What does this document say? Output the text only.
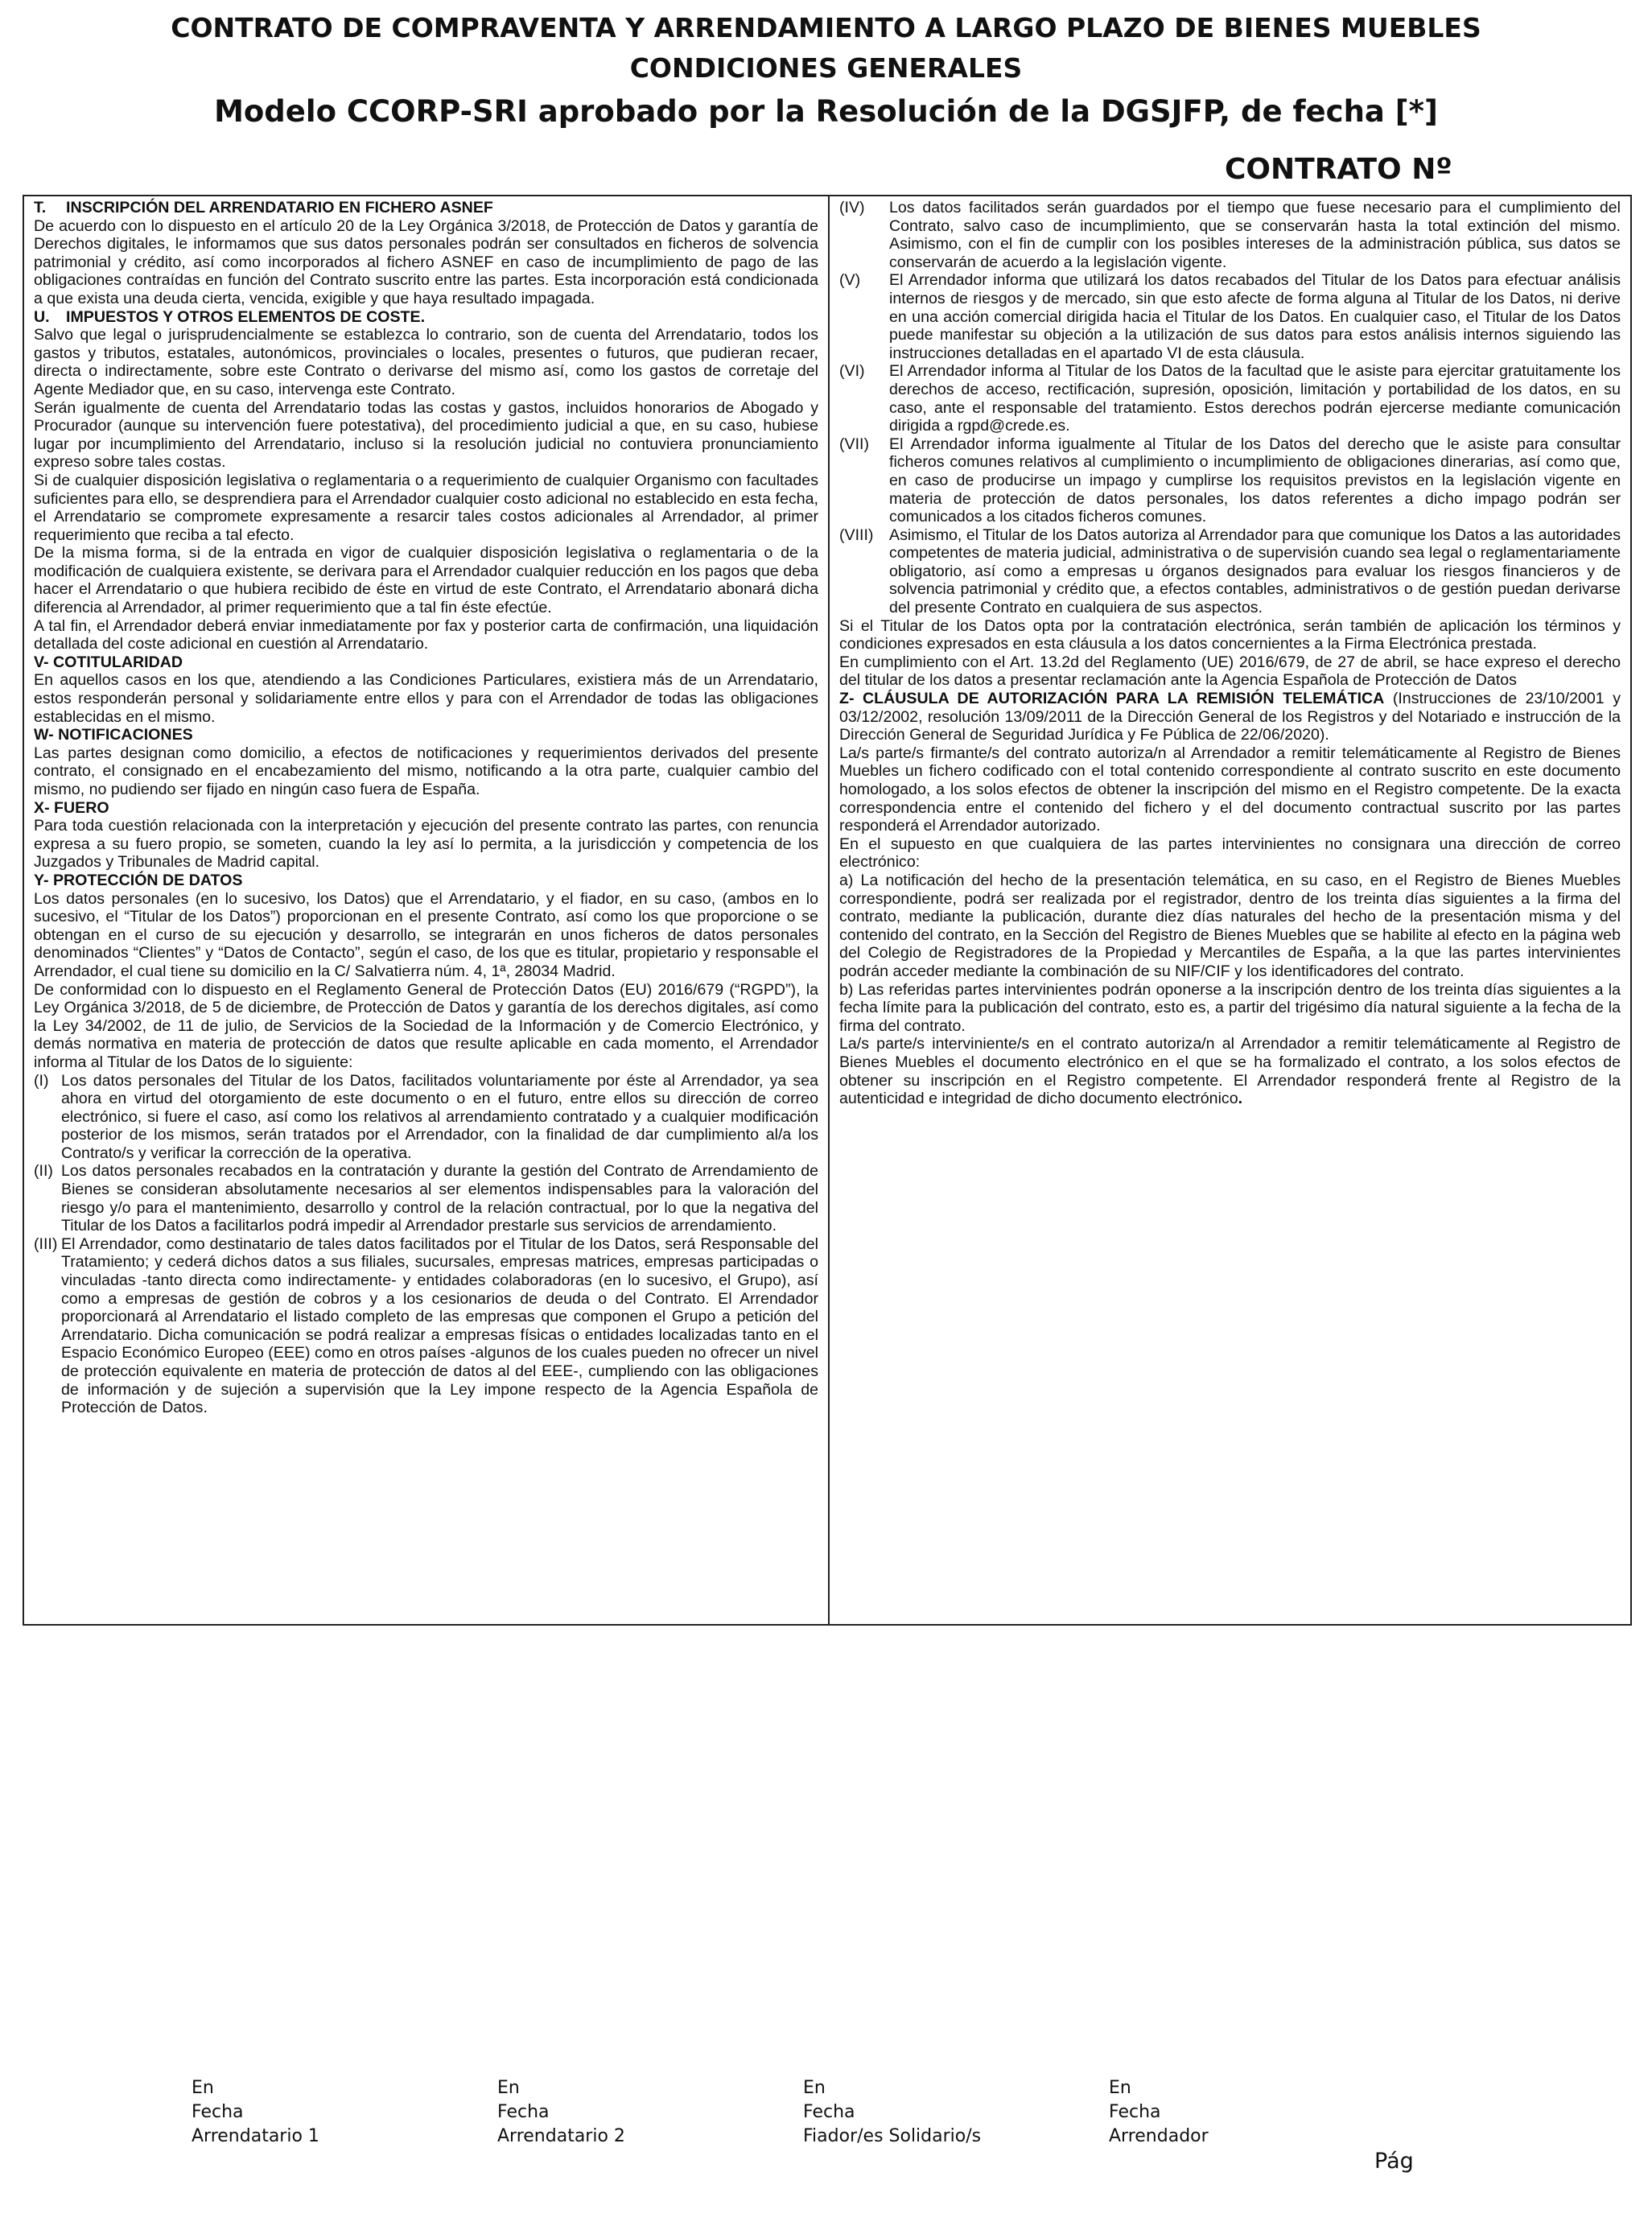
CONTRATO DE COMPRAVENTA Y ARRENDAMIENTO A LARGO PLAZO DE BIENES MUEBLES
CONDICIONES GENERALES
Modelo CCORP-SRI aprobado por la Resolución de la DGSJFP, de fecha [*]
CONTRATO Nº
T. INSCRIPCIÓN DEL ARRENDATARIO EN FICHERO ASNEF

De acuerdo con lo dispuesto en el artículo 20 de la Ley Orgánica 3/2018, de Protección de Datos y garantía de Derechos digitales, le informamos que sus datos personales podrán ser consultados en ficheros de solvencia patrimonial y crédito, así como incorporados al fichero ASNEF en caso de incumplimiento de pago de las obligaciones contraídas en función del Contrato suscrito entre las partes. Esta incorporación está condicionada a que exista una deuda cierta, vencida, exigible y que haya resultado impagada.

U. IMPUESTOS Y OTROS ELEMENTOS DE COSTE.

Salvo que legal o jurisprudencialmente se establezca lo contrario, son de cuenta del Arrendatario, todos los gastos y tributos, estatales, autonómicos, provinciales o locales, presentes o futuros, que pudieran recaer, directa o indirectamente, sobre este Contrato o derivarse del mismo así, como los gastos de corretaje del Agente Mediador que, en su caso, intervenga este Contrato.

Serán igualmente de cuenta del Arrendatario todas las costas y gastos, incluidos honorarios de Abogado y Procurador (aunque su intervención fuere potestativa), del procedimiento judicial a que, en su caso, hubiese lugar por incumplimiento del Arrendatario, incluso si la resolución judicial no contuviera pronunciamiento expreso sobre tales costas.

Si de cualquier disposición legislativa o reglamentaria o a requerimiento de cualquier Organismo con facultades suficientes para ello, se desprendiera para el Arrendador cualquier costo adicional no establecido en esta fecha, el Arrendatario se compromete expresamente a resarcir tales costos adicionales al Arrendador, al primer requerimiento que reciba a tal efecto.

De la misma forma, si de la entrada en vigor de cualquier disposición legislativa o reglamentaria o de la modificación de cualquiera existente, se derivara para el Arrendador cualquier reducción en los pagos que deba hacer el Arrendatario o que hubiera recibido de éste en virtud de este Contrato, el Arrendatario abonará dicha diferencia al Arrendador, al primer requerimiento que a tal fin éste efectúe.

A tal fin, el Arrendador deberá enviar inmediatamente por fax y posterior carta de confirmación, una liquidación detallada del coste adicional en cuestión al Arrendatario.

V- COTITULARIDAD

En aquellos casos en los que, atendiendo a las Condiciones Particulares, existiera más de un Arrendatario, estos responderán personal y solidariamente entre ellos y para con el Arrendador de todas las obligaciones establecidas en el mismo.

W- NOTIFICACIONES

Las partes designan como domicilio, a efectos de notificaciones y requerimientos derivados del presente contrato, el consignado en el encabezamiento del mismo, notificando a la otra parte, cualquier cambio del mismo, no pudiendo ser fijado en ningún caso fuera de España.

X- FUERO

Para toda cuestión relacionada con la interpretación y ejecución del presente contrato las partes, con renuncia expresa a su fuero propio, se someten, cuando la ley así lo permita, a la jurisdicción y competencia de los Juzgados y Tribunales de Madrid capital.

Y- PROTECCIÓN DE DATOS

Los datos personales (en lo sucesivo, los Datos) que el Arrendatario, y el fiador, en su caso, (ambos en lo sucesivo, el “Titular de los Datos”) proporcionan en el presente Contrato, así como los que proporcione o se obtengan en el curso de su ejecución y desarrollo, se integrarán en unos ficheros de datos personales denominados “Clientes” y “Datos de Contacto”, según el caso, de los que es titular, propietario y responsable el Arrendador, el cual tiene su domicilio en la C/ Salvatierra núm. 4, 1ª, 28034 Madrid.

De conformidad con lo dispuesto en el Reglamento General de Protección Datos (EU) 2016/679 (“RGPD”), la Ley Orgánica 3/2018, de 5 de diciembre, de Protección de Datos y garantía de los derechos digitales, así como la Ley 34/2002, de 11 de julio, de Servicios de la Sociedad de la Información y de Comercio Electrónico, y demás normativa en materia de protección de datos que resulte aplicable en cada momento, el Arrendador informa al Titular de los Datos de lo siguiente:

(I) Los datos personales del Titular de los Datos, facilitados voluntariamente por éste al Arrendador, ya sea ahora en virtud del otorgamiento de este documento o en el futuro, entre ellos su dirección de correo electrónico, si fuere el caso, así como los relativos al arrendamiento contratado y a cualquier modificación posterior de los mismos, serán tratados por el Arrendador, con la finalidad de dar cumplimiento al/a los Contrato/s y verificar la corrección de la operativa.
(II) Los datos personales recabados en la contratación y durante la gestión del Contrato de Arrendamiento de Bienes se consideran absolutamente necesarios al ser elementos indispensables para la valoración del riesgo y/o para el mantenimiento, desarrollo y control de la relación contractual, por lo que la negativa del Titular de los Datos a facilitarlos podrá impedir al Arrendador prestarle sus servicios de arrendamiento.
(III) El Arrendador, como destinatario de tales datos facilitados por el Titular de los Datos, será Responsable del Tratamiento; y cederá dichos datos a sus filiales, sucursales, empresas matrices, empresas participadas o vinculadas -tanto directa como indirectamente- y entidades colaboradoras (en lo sucesivo, el Grupo), así como a empresas de gestión de cobros y a los cesionarios de deuda o del Contrato. El Arrendador proporcionará al Arrendatario el listado completo de las empresas que componen el Grupo a petición del Arrendatario. Dicha comunicación se podrá realizar a empresas físicas o entidades localizadas tanto en el Espacio Económico Europeo (EEE) como en otros países -algunos de los cuales pueden no ofrecer un nivel de protección equivalente en materia de protección de datos al del EEE-, cumpliendo con las obligaciones de información y de sujeción a supervisión que la Ley impone respecto de la Agencia Española de Protección de Datos.
(IV)	Los datos facilitados serán guardados por el tiempo que fuese necesario para el cumplimiento del Contrato, salvo caso de incumplimiento, que se conservarán hasta la total extinción del mismo. Asimismo, con el fin de cumplir con los posibles intereses de la administración pública, sus datos se conservarán de acuerdo a la legislación vigente.
(V)	El Arrendador informa que utilizará los datos recabados del Titular de los Datos para efectuar análisis internos de riesgos y de mercado, sin que esto afecte de forma alguna al Titular de los Datos, ni derive en una acción comercial dirigida hacia el Titular de los Datos. En cualquier caso, el Titular de los Datos puede manifestar su objeción a la utilización de sus datos para estos análisis internos siguiendo las instrucciones detalladas en el apartado VI de esta cláusula.
(VI)	El Arrendador informa al Titular de los Datos de la facultad que le asiste para ejercitar gratuitamente los derechos de acceso, rectificación, supresión, oposición, limitación y portabilidad de los datos, en su caso, ante el responsable del tratamiento. Estos derechos podrán ejercerse mediante comunicación dirigida a rgpd@crede.es.
(VII)	El Arrendador informa igualmente al Titular de los Datos del derecho que le asiste para consultar ficheros comunes relativos al cumplimiento o incumplimiento de obligaciones dinerarias, así como que, en caso de producirse un impago y cumplirse los requisitos previstos en la legislación vigente en materia de protección de datos personales, los datos referentes a dicho impago podrán ser comunicados a los citados ficheros comunes.
(VIII) Asimismo, el Titular de los Datos autoriza al Arrendador para que comunique los Datos a las autoridades competentes de materia judicial, administrativa o de supervisión cuando sea legal o reglamentariamente obligatorio, así como a empresas u órganos designados para evaluar los riesgos financieros y de solvencia patrimonial y crédito que, a efectos contables, administrativos o de gestión puedan derivarse del presente Contrato en cualquiera de sus aspectos.

Si el Titular de los Datos opta por la contratación electrónica, serán también de aplicación los términos y condiciones expresados en esta cláusula a los datos concernientes a la Firma Electrónica prestada.

En cumplimiento con el Art. 13.2d del Reglamento (UE) 2016/679, de 27 de abril, se hace expreso el derecho del titular de los datos a presentar reclamación ante la Agencia Española de Protección de Datos

Z- CLÁUSULA DE AUTORIZACIÓN PARA LA REMISIÓN TELEMÁTICA (Instrucciones de 23/10/2001 y 03/12/2002, resolución 13/09/2011 de la Dirección General de los Registros y del Notariado e instrucción de la Dirección General de Seguridad Jurídica y Fe Pública de 22/06/2020).

La/s parte/s firmante/s del contrato autoriza/n al Arrendador a remitir telemáticamente al Registro de Bienes Muebles un fichero codificado con el total contenido correspondiente al contrato suscrito en este documento homologado, a los solos efectos de obtener la inscripción del mismo en el Registro competente. De la exacta correspondencia entre el contenido del fichero y el del documento contractual suscrito por las partes responderá el Arrendador autorizado.

En el supuesto en que cualquiera de las partes intervinientes no consignara una dirección de correo electrónico:

a) La notificación del hecho de la presentación telemática, en su caso, en el Registro de Bienes Muebles correspondiente, podrá ser realizada por el registrador, dentro de los treinta días siguientes a la firma del contrato, mediante la publicación, durante diez días naturales del hecho de la presentación misma y del contenido del contrato, en la Sección del Registro de Bienes Muebles que se habilite al efecto en la página web del Colegio de Registradores de la Propiedad y Mercantiles de España, a la que las partes intervinientes podrán acceder mediante la combinación de su NIF/CIF y los identificadores del contrato.

b) Las referidas partes intervinientes podrán oponerse a la inscripción dentro de los treinta días siguientes a la fecha límite para la publicación del contrato, esto es, a partir del trigésimo día natural siguiente a la fecha de la firma del contrato.

La/s parte/s interviniente/s en el contrato autoriza/n al Arrendador a remitir telemáticamente al Registro de Bienes Muebles el documento electrónico en el que se ha formalizado el contrato, a los solos efectos de obtener su inscripción en el Registro competente. El Arrendador responderá frente al Registro de la autenticidad e integridad de dicho documento electrónico.

En
Fecha
Arrendatario 1
En
Fecha
Arrendatario 2
En
Fecha
Fiador/es Solidario/s
En
Fecha
Arrendador
Pág
